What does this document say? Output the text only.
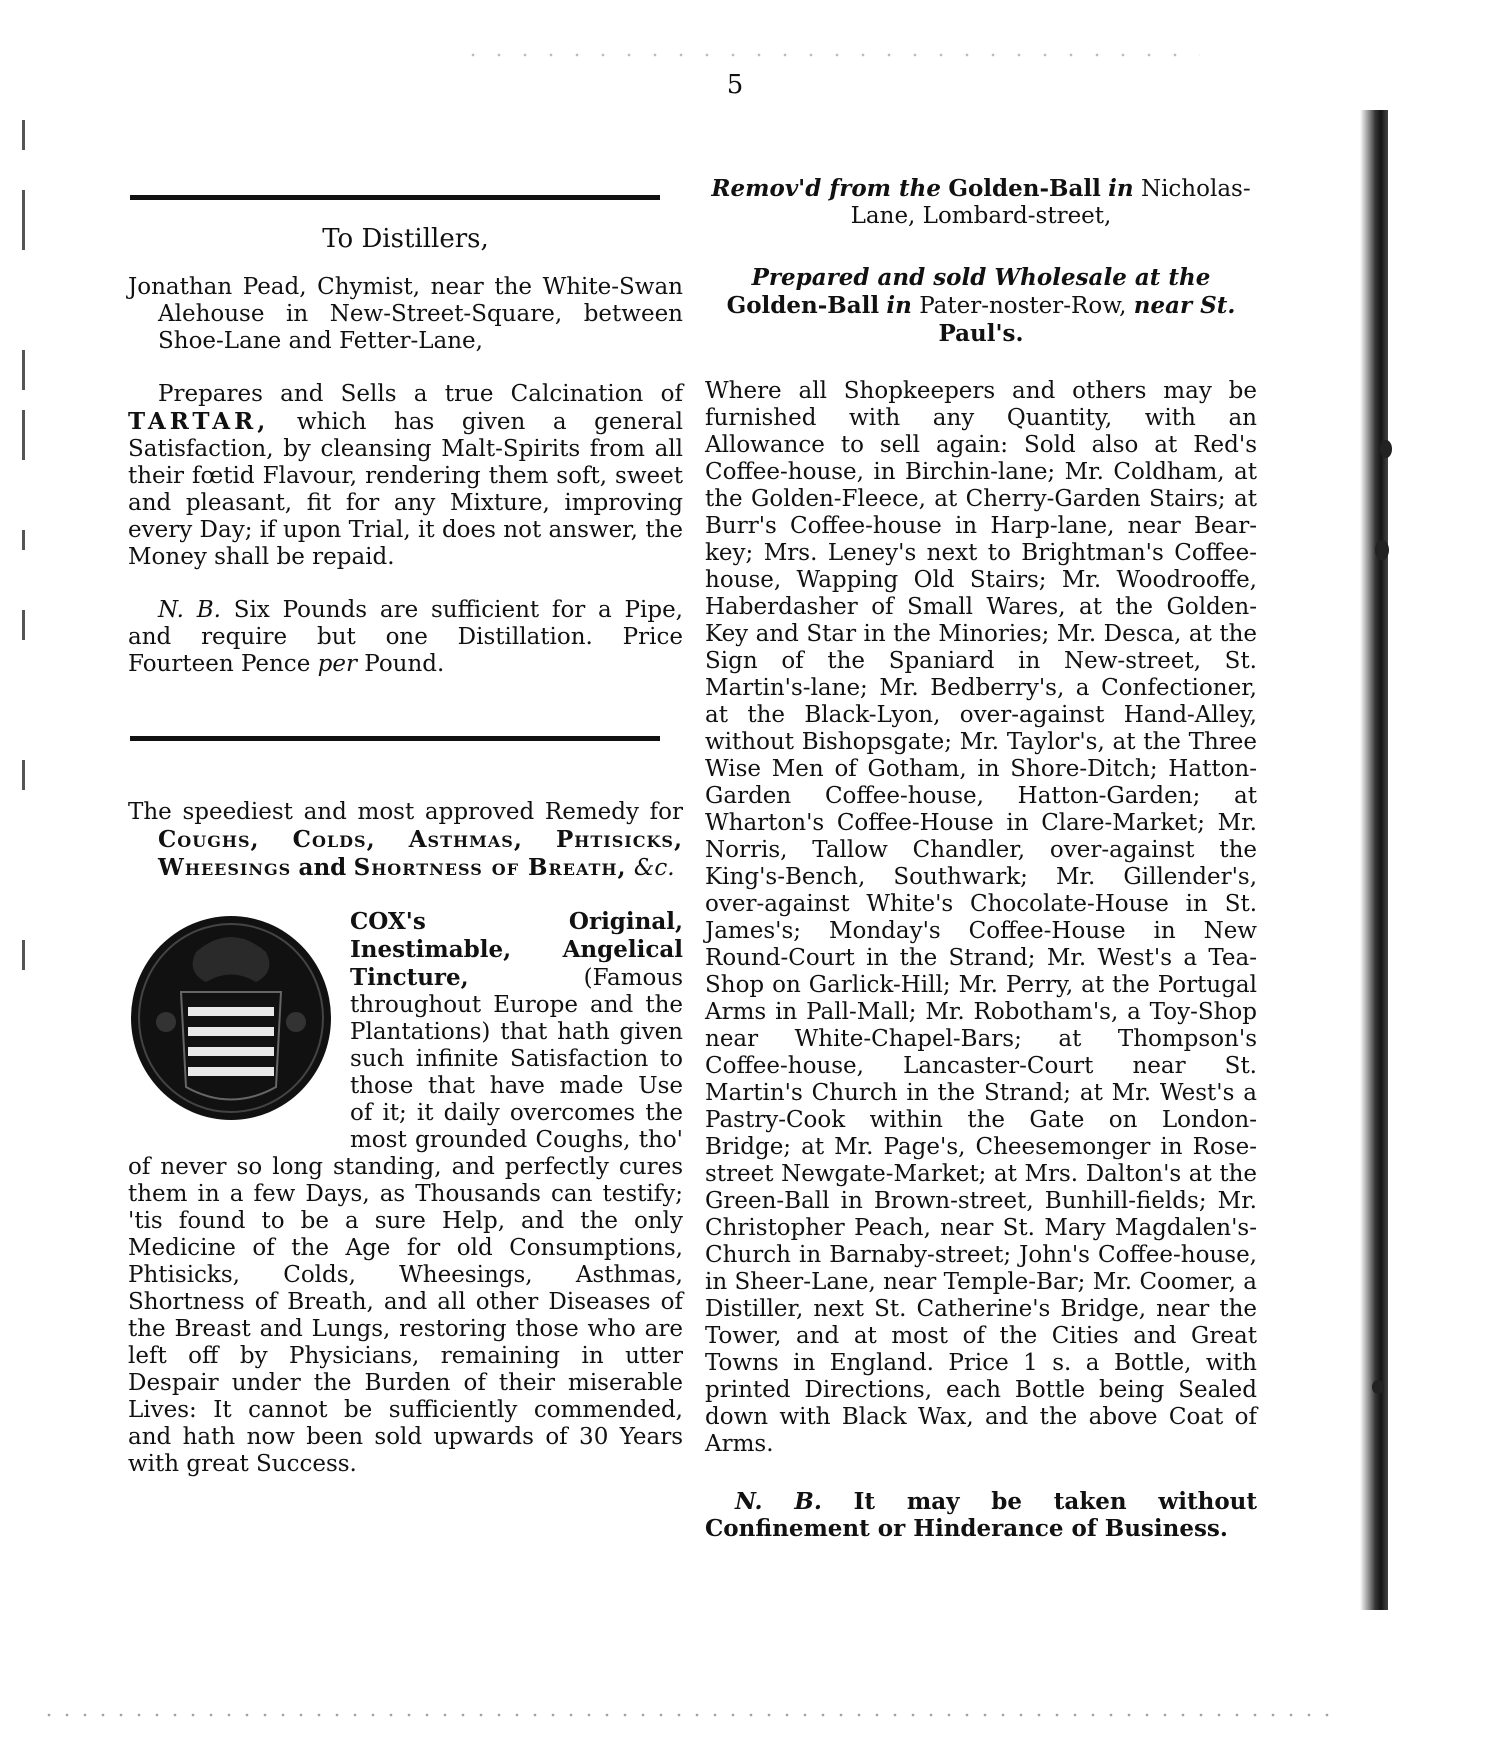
5
To Distillers,

Jonathan Pead, Chymist, near the White-Swan Alehouse in New-Street-Square, between Shoe-Lane and Fetter-Lane,

Prepares and Sells a true Calcination of TARTAR, which has given a general Satisfaction, by cleansing Malt-Spirits from all their fœtid Flavour, rendering them soft, sweet and pleasant, fit for any Mixture, improving every Day; if upon Trial, it does not answer, the Money shall be repaid.

N. B. Six Pounds are sufficient for a Pipe, and require but one Distillation. Price Fourteen Pence per Pound.

The speediest and most approved Remedy for Coughs, Colds, Asthmas, Phtisicks, Wheesings and Shortness of Breath, &c.

COX's Original, Inestimable, Angelical Tincture,	(Famous throughout Europe and the Plantations) that hath given such infinite Satisfaction to those that have made Use of it; it daily overcomes the most grounded Coughs, tho' of never so long standing, and perfectly cures them in a few Days, as Thousands can testify; 'tis found to be a sure Help, and the only Medicine of the Age for old Consumptions, Phtisicks, Colds, Wheesings, Asthmas, Shortness of Breath, and all other Diseases of the Breast and Lungs, restoring those who are left off by Physicians, remaining in utter Despair under the Burden of their miserable Lives: It cannot be sufficiently commended, and hath now been sold upwards of 30 Years with great Success.

Remov'd from the Golden-Ball in Nicholas-Lane, Lombard-street,

Prepared and sold Wholesale at the Golden-Ball in Pater-noster-Row, near St. Paul's.

Where all Shopkeepers and others may be furnished with any Quantity, with an Allowance to sell again: Sold also at Red's Coffee-house, in Birchin-lane; Mr. Coldham, at the Golden-Fleece, at Cherry-Garden Stairs; at Burr's Coffee-house in Harp-lane, near Bear-key; Mrs. Leney's next to Brightman's Coffee-house, Wapping Old Stairs; Mr. Woodrooffe, Haberdasher of Small Wares, at the Golden-Key and Star in the Minories; Mr. Desca, at the Sign of the Spaniard in New-street, St. Martin's-lane; Mr. Bedberry's, a Confectioner, at the Black-Lyon, over-against Hand-Alley, without Bishopsgate; Mr. Taylor's, at the Three Wise Men of Gotham, in Shore-Ditch; Hatton-Garden Coffee-house, Hatton-Garden; at Wharton's Coffee-House in Clare-Market; Mr. Norris, Tallow Chandler, over-against the King's-Bench, Southwark; Mr. Gillender's, over-against White's Chocolate-House in St. James's; Monday's Coffee-House in New Round-Court in the Strand; Mr. West's a Tea-Shop on Garlick-Hill; Mr. Perry, at the Portugal Arms in Pall-Mall; Mr. Robotham's, a Toy-Shop near White-Chapel-Bars; at Thompson's Coffee-house, Lancaster-Court near St. Martin's Church in the Strand; at Mr. West's a Pastry-Cook within the Gate on London-Bridge; at Mr. Page's, Cheesemonger in Rose-street Newgate-Market; at Mrs. Dalton's at the Green-Ball in Brown-street, Bunhill-fields; Mr. Christopher Peach, near St. Mary Magdalen's-Church in Barnaby-street; John's Coffee-house, in Sheer-Lane, near Temple-Bar; Mr. Coomer, a Distiller, next St. Catherine's Bridge, near the Tower, and at most of the Cities and Great Towns in England. Price 1 s. a Bottle, with printed Directions, each Bottle being Sealed down with Black Wax, and the above Coat of Arms.

N. B. It may be taken without Confinement or Hinderance of Business.
